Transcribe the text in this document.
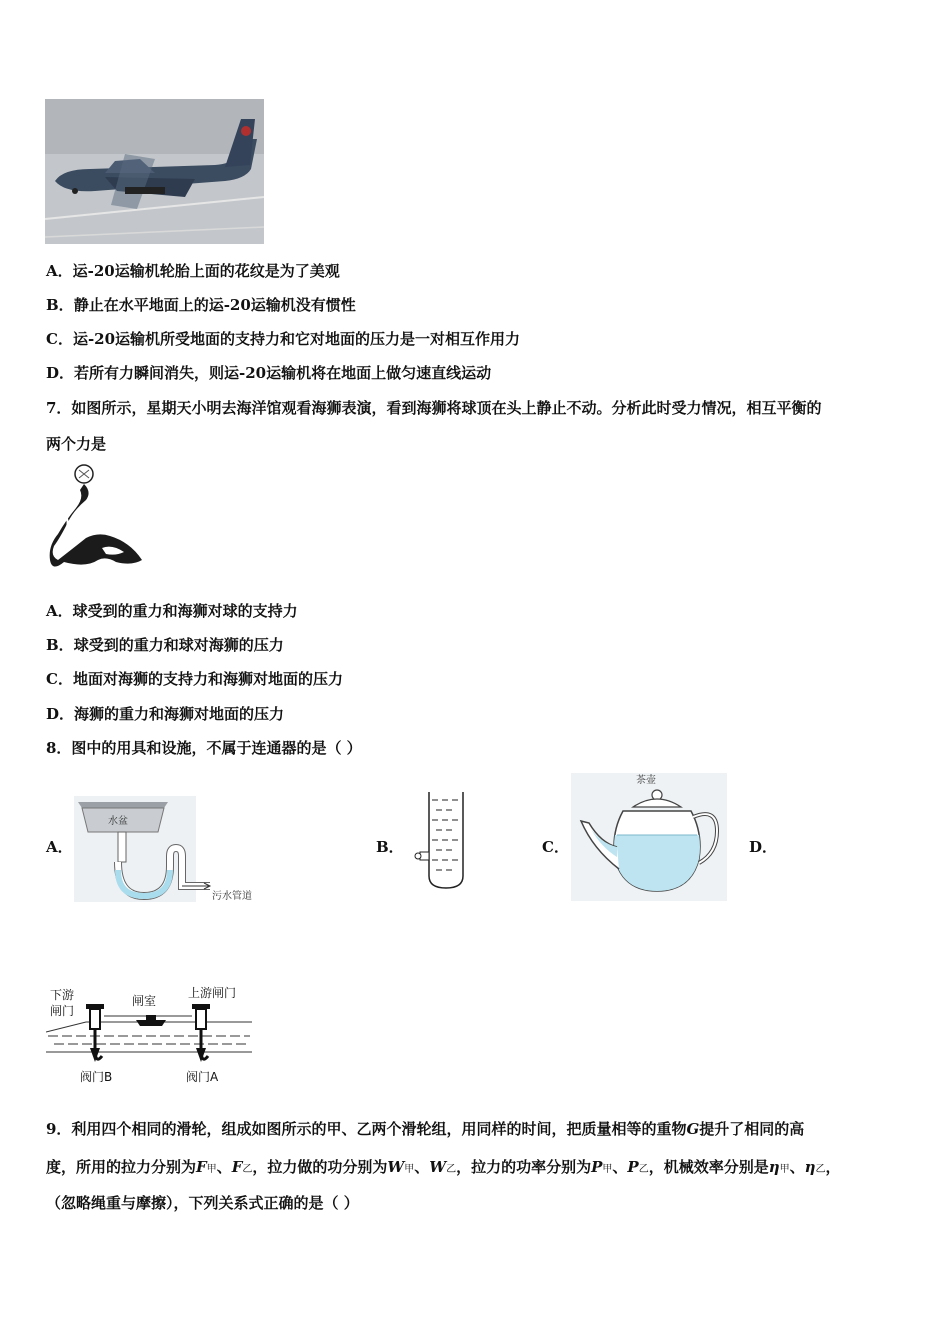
A．运-20运输机轮胎上面的花纹是为了美观
B．静止在水平地面上的运-20运输机没有惯性
C．运-20运输机所受地面的支持力和它对地面的压力是一对相互作用力
D．若所有力瞬间消失，则运-20运输机将在地面上做匀速直线运动
7．如图所示，星期天小明去海洋馆观看海狮表演，看到海狮将球顶在头上静止不动。分析此时受力情况，相互平衡的
两个力是
A．球受到的重力和海狮对球的支持力
B．球受到的重力和球对海狮的压力
C．地面对海狮的支持力和海狮对地面的压力
D．海狮的重力和海狮对地面的压力
8．图中的用具和设施，不属于连通器的是（ ）
A．	B．	C．	D．
水盆
污水管道
茶壶
下游
闸门
闸室
上游闸门
阀门B	阀门A
9．利用四个相同的滑轮，组成如图所示的甲、乙两个滑轮组，用同样的时间，把质量相等的重物G提升了相同的高
度，所用的拉力分别为F甲、F乙，拉力做的功分别为W甲、W乙，拉力的功率分别为P甲、P乙，机械效率分别是η甲、η乙，
（忽略绳重与摩擦），下列关系式正确的是（ ）
